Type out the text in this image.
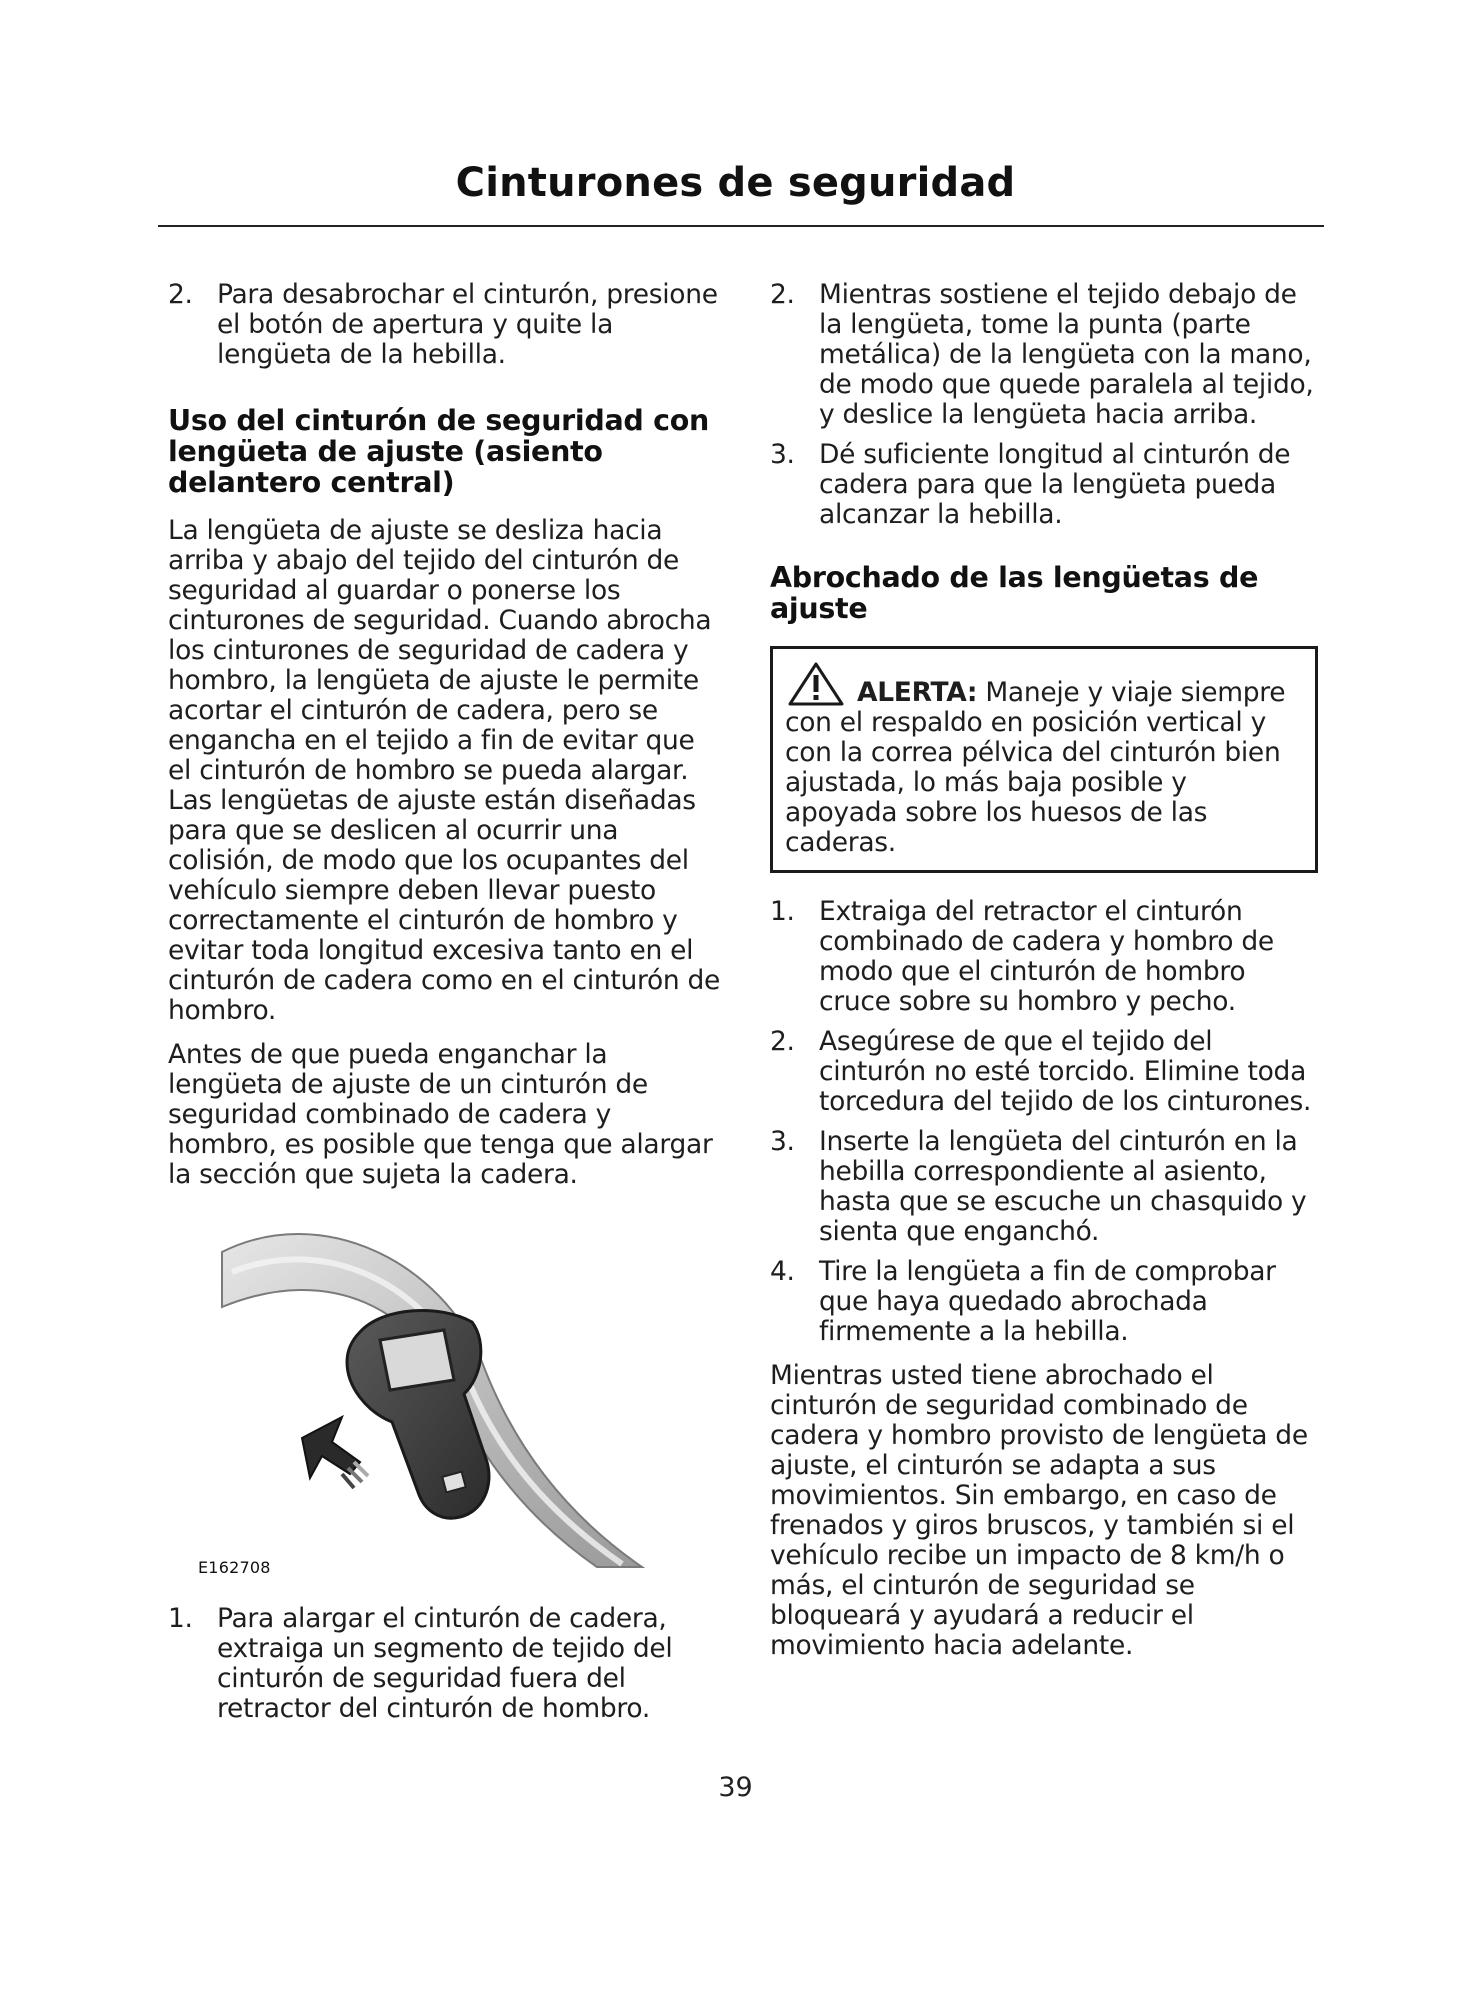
Cinturones de seguridad
2. Para desabrochar el cinturón, presione el botón de apertura y quite la lengüeta de la hebilla.
Uso del cinturón de seguridad con lengüeta de ajuste (asiento delantero central)

La lengüeta de ajuste se desliza hacia arriba y abajo del tejido del cinturón de seguridad al guardar o ponerse los cinturones de seguridad. Cuando abrocha los cinturones de seguridad de cadera y hombro, la lengüeta de ajuste le permite acortar el cinturón de cadera, pero se engancha en el tejido a fin de evitar que el cinturón de hombro se pueda alargar. Las lengüetas de ajuste están diseñadas para que se deslicen al ocurrir una colisión, de modo que los ocupantes del vehículo siempre deben llevar puesto correctamente el cinturón de hombro y evitar toda longitud excesiva tanto en el cinturón de cadera como en el cinturón de hombro.

Antes de que pueda enganchar la lengüeta de ajuste de un cinturón de seguridad combinado de cadera y hombro, es posible que tenga que alargar la sección que sujeta la cadera.

E162708
1. Para alargar el cinturón de cadera, extraiga un segmento de tejido del cinturón de seguridad fuera del retractor del cinturón de hombro.
2. Mientras sostiene el tejido debajo de la lengüeta, tome la punta (parte metálica) de la lengüeta con la mano, de modo que quede paralela al tejido, y deslice la lengüeta hacia arriba.
3. Dé suficiente longitud al cinturón de cadera para que la lengüeta pueda alcanzar la hebilla.
Abrochado de las lengüetas de ajuste

ALERTA: Maneje y viaje siempre con el respaldo en posición vertical y con la correa pélvica del cinturón bien ajustada, lo más baja posible y apoyada sobre los huesos de las caderas.

1. Extraiga del retractor el cinturón combinado de cadera y hombro de modo que el cinturón de hombro cruce sobre su hombro y pecho.
2. Asegúrese de que el tejido del cinturón no esté torcido. Elimine toda torcedura del tejido de los cinturones.
3. Inserte la lengüeta del cinturón en la hebilla correspondiente al asiento, hasta que se escuche un chasquido y sienta que enganchó.
4. Tire la lengüeta a fin de comprobar que haya quedado abrochada firmemente a la hebilla.

Mientras usted tiene abrochado el cinturón de seguridad combinado de cadera y hombro provisto de lengüeta de ajuste, el cinturón se adapta a sus movimientos. Sin embargo, en caso de frenados y giros bruscos, y también si el vehículo recibe un impacto de 8 km/h o más, el cinturón de seguridad se bloqueará y ayudará a reducir el movimiento hacia adelante.

39
